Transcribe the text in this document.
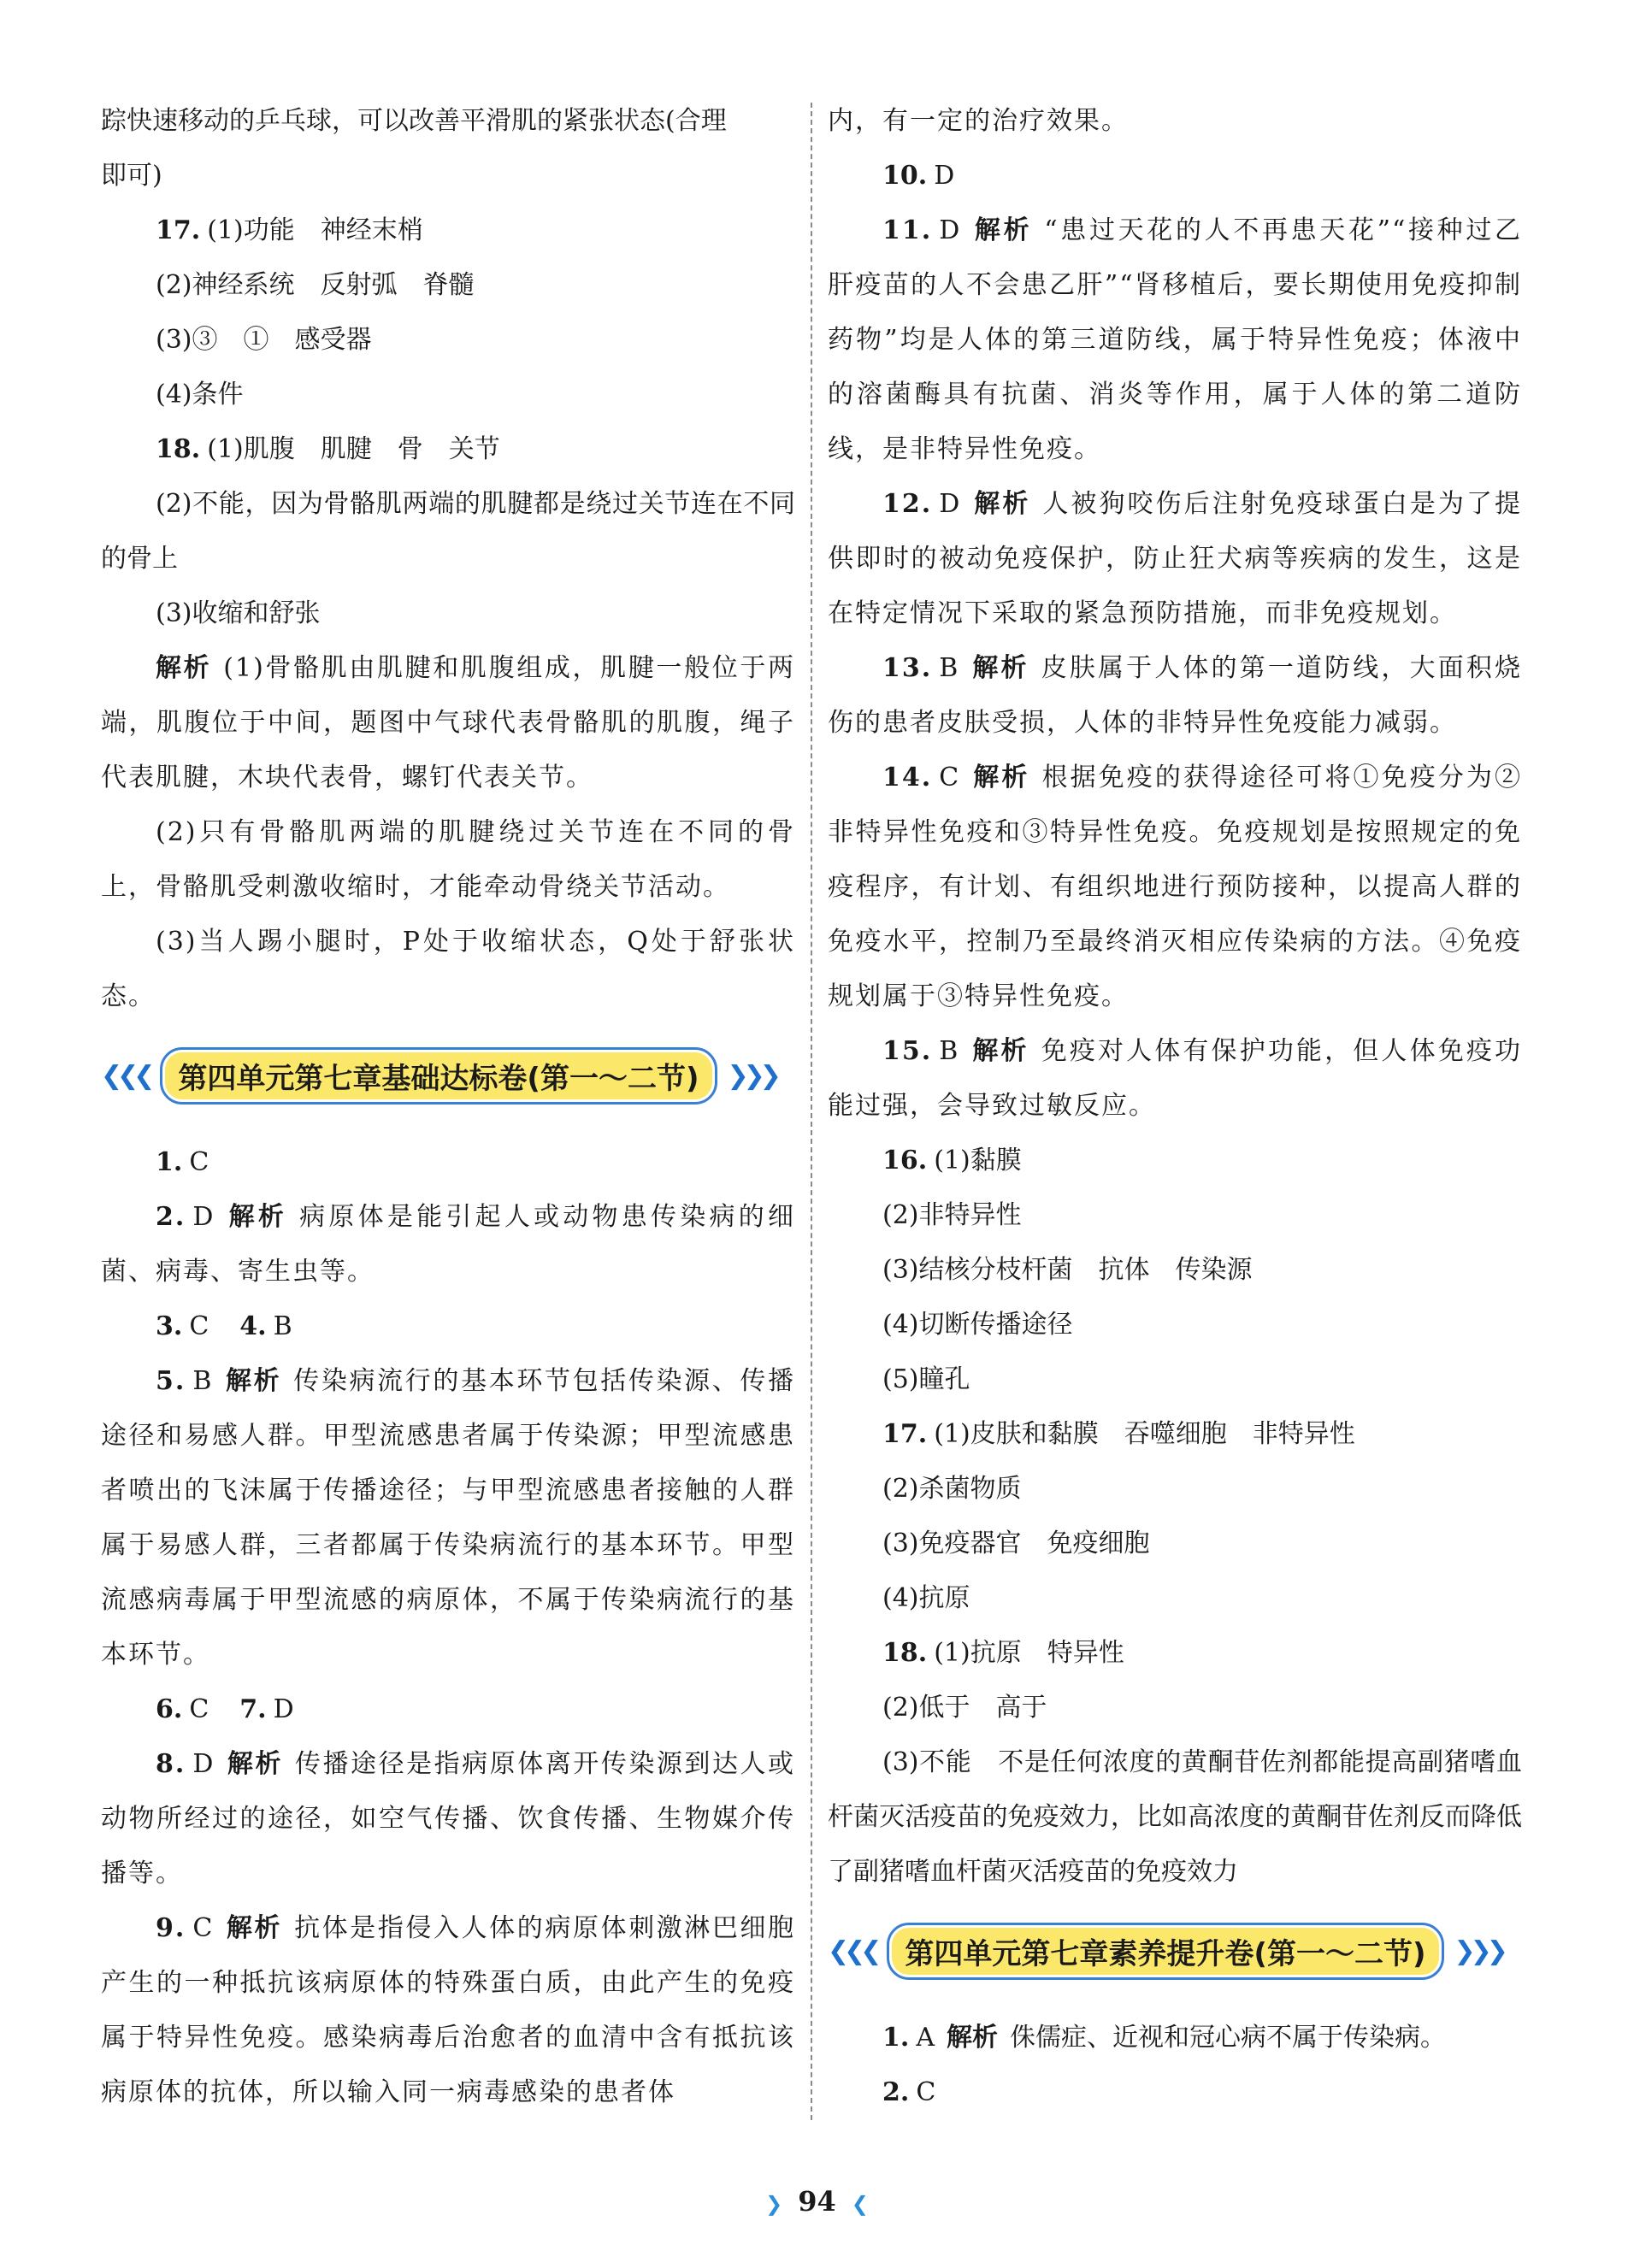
踪快速移动的乒乓球，可以改善平滑肌的紧张状态(合理

即可)

17. (1)功能　神经末梢

(2)神经系统　反射弧　脊髓

(3)③　①　感受器

(4)条件

18. (1)肌腹　肌腱　骨　关节

(2)不能，因为骨骼肌两端的肌腱都是绕过关节连在不同的骨上

(3)收缩和舒张

解析 (1)骨骼肌由肌腱和肌腹组成，肌腱一般位于两端，肌腹位于中间，题图中气球代表骨骼肌的肌腹，绳子代表肌腱，木块代表骨，螺钉代表关节。

(2)只有骨骼肌两端的肌腱绕过关节连在不同的骨上，骨骼肌受刺激收缩时，才能牵动骨绕关节活动。

(3)当人踢小腿时，P处于收缩状态，Q处于舒张状态。

❮❮❮ 第四单元第七章基础达标卷(第一～二节)	❯❯❯

1. C

2. D 解析 病原体是能引起人或动物患传染病的细菌、病毒、寄生虫等。

3. C 4. B

5. B 解析 传染病流行的基本环节包括传染源、传播途径和易感人群。甲型流感患者属于传染源；甲型流感患者喷出的飞沫属于传播途径；与甲型流感患者接触的人群属于易感人群，三者都属于传染病流行的基本环节。甲型流感病毒属于甲型流感的病原体，不属于传染病流行的基本环节。

6. C 7. D

8. D 解析 传播途径是指病原体离开传染源到达人或动物所经过的途径，如空气传播、饮食传播、生物媒介传播等。

9. C 解析 抗体是指侵入人体的病原体刺激淋巴细胞产生的一种抵抗该病原体的特殊蛋白质，由此产生的免疫属于特异性免疫。感染病毒后治愈者的血清中含有抵抗该病原体的抗体，所以输入同一病毒感染的患者体

内，有一定的治疗效果。

10. D

11. D 解析 “患过天花的人不再患天花”“接种过乙肝疫苗的人不会患乙肝”“肾移植后，要长期使用免疫抑制药物”均是人体的第三道防线，属于特异性免疫；体液中的溶菌酶具有抗菌、消炎等作用，属于人体的第二道防线，是非特异性免疫。

12. D 解析 人被狗咬伤后注射免疫球蛋白是为了提供即时的被动免疫保护，防止狂犬病等疾病的发生，这是在特定情况下采取的紧急预防措施，而非免疫规划。

13. B 解析 皮肤属于人体的第一道防线，大面积烧伤的患者皮肤受损，人体的非特异性免疫能力减弱。

14. C 解析 根据免疫的获得途径可将①免疫分为②非特异性免疫和③特异性免疫。免疫规划是按照规定的免疫程序，有计划、有组织地进行预防接种，以提高人群的免疫水平，控制乃至最终消灭相应传染病的方法。④免疫规划属于③特异性免疫。

15. B 解析 免疫对人体有保护功能，但人体免疫功能过强，会导致过敏反应。

16. (1)黏膜

(2)非特异性

(3)结核分枝杆菌　抗体　传染源

(4)切断传播途径

(5)瞳孔

17. (1)皮肤和黏膜　吞噬细胞　非特异性

(2)杀菌物质

(3)免疫器官　免疫细胞

(4)抗原

18. (1)抗原　特异性

(2)低于　高于

(3)不能　不是任何浓度的黄酮苷佐剂都能提高副猪嗜血杆菌灭活疫苗的免疫效力，比如高浓度的黄酮苷佐剂反而降低了副猪嗜血杆菌灭活疫苗的免疫效力

❮❮❮ 第四单元第七章素养提升卷(第一～二节)	❯❯❯

1. A 解析 侏儒症、近视和冠心病不属于传染病。

2. C

❯ 94 ❮
